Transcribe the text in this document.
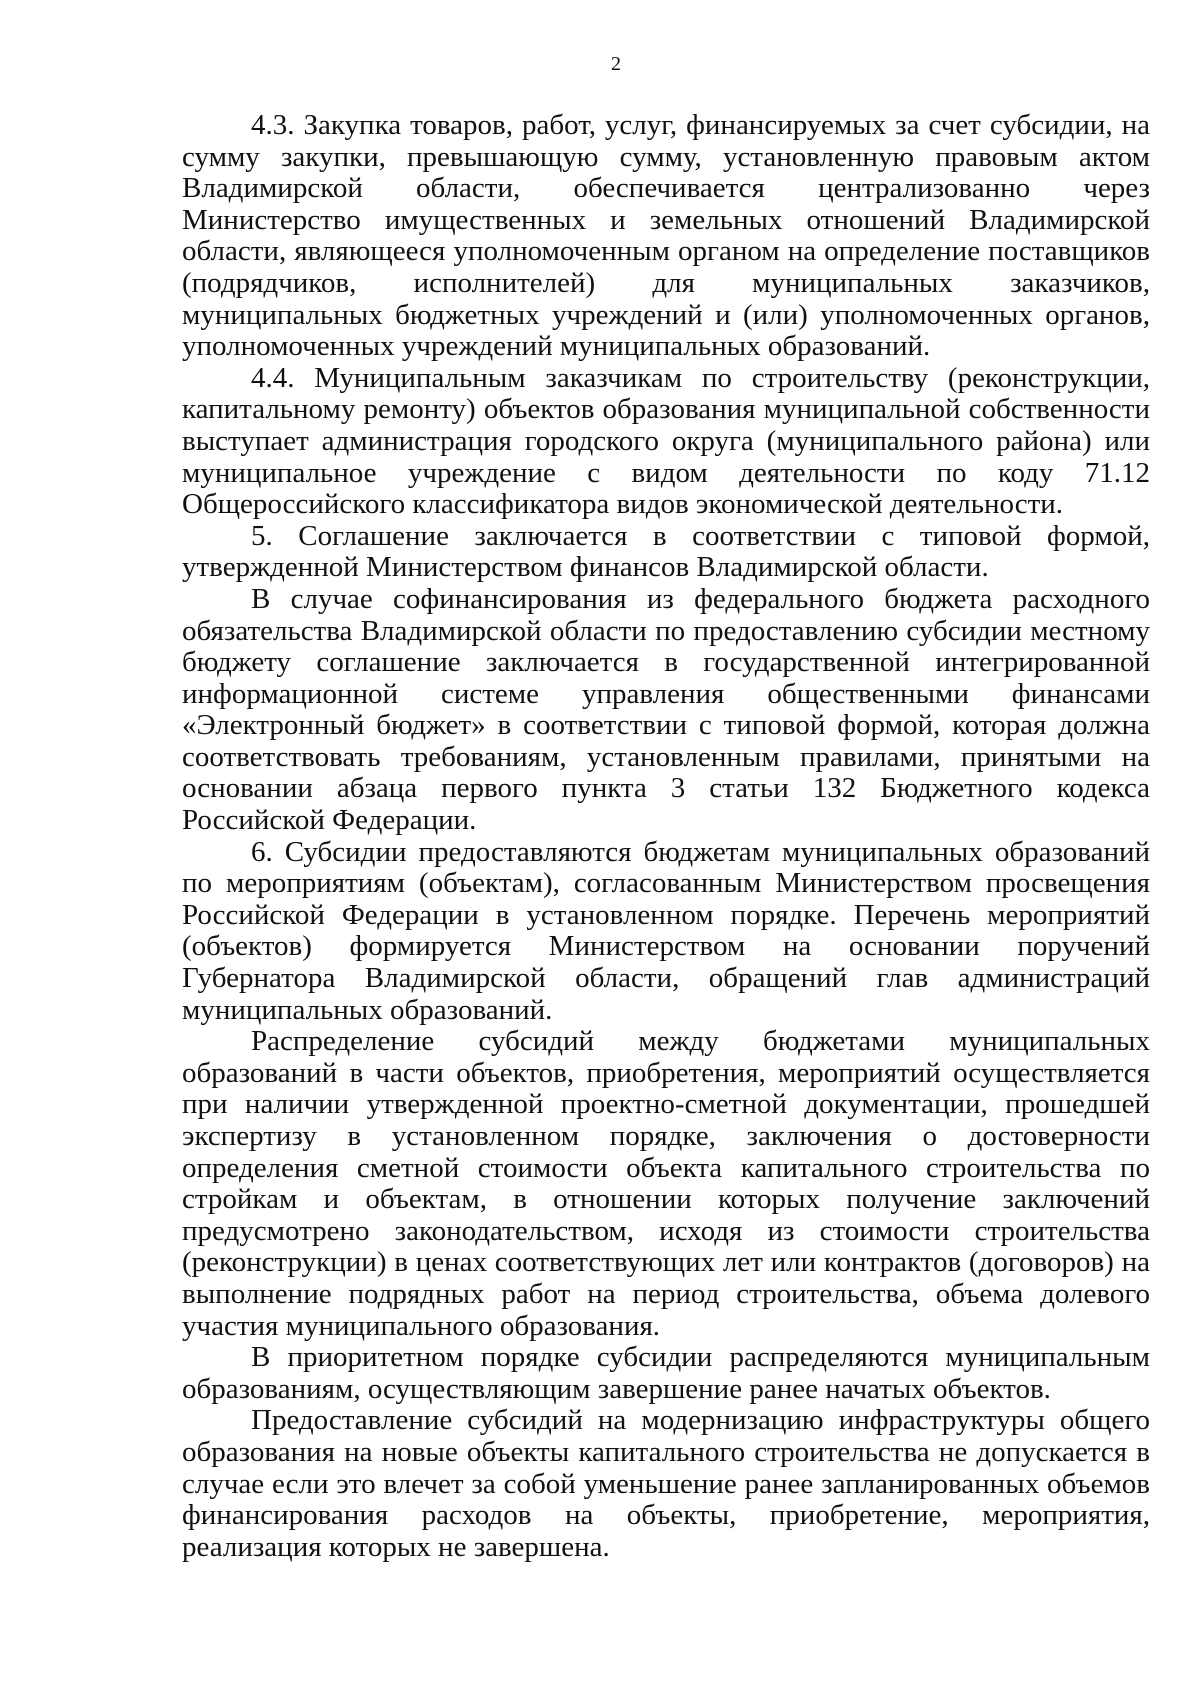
2

4.3. Закупка товаров, работ, услуг, финансируемых за счет субсидии, на сумму закупки, превышающую сумму, установленную правовым актом Владимирской области, обеспечивается централизованно через Министерство имущественных и земельных отношений Владимирской области, являющееся уполномоченным органом на определение поставщиков (подрядчиков, исполнителей) для муниципальных заказчиков, муниципальных бюджетных учреждений и (или) уполномоченных органов, уполномоченных учреждений муниципальных образований.

4.4. Муниципальным заказчикам по строительству (реконструкции, капитальному ремонту) объектов образования муниципальной собственности выступает администрация городского округа (муниципального района) или муниципальное учреждение с видом деятельности по коду 71.12 Общероссийского классификатора видов экономической деятельности.

5. Соглашение заключается в соответствии с типовой формой, утвержденной Министерством финансов Владимирской области.

В случае софинансирования из федерального бюджета расходного обязательства Владимирской области по предоставлению субсидии местному бюджету соглашение заключается в государственной интегрированной информационной системе управления общественными финансами «Электронный бюджет» в соответствии с типовой формой, которая должна соответствовать требованиям, установленным правилами, принятыми на основании абзаца первого пункта 3 статьи 132 Бюджетного кодекса Российской Федерации.

6. Субсидии предоставляются бюджетам муниципальных образований по мероприятиям (объектам), согласованным Министерством просвещения Российской Федерации в установленном порядке. Перечень мероприятий (объектов) формируется Министерством на основании поручений Губернатора Владимирской области, обращений глав администраций муниципальных образований.

Распределение субсидий между бюджетами муниципальных образований в части объектов, приобретения, мероприятий осуществляется при наличии утвержденной проектно-сметной документации, прошедшей экспертизу в установленном порядке, заключения о достоверности определения сметной стоимости объекта капитального строительства по стройкам и объектам, в отношении которых получение заключений предусмотрено законодательством, исходя из стоимости строительства (реконструкции) в ценах соответствующих лет или контрактов (договоров) на выполнение подрядных работ на период строительства, объема долевого участия муниципального образования.

В приоритетном порядке субсидии распределяются муниципальным образованиям, осуществляющим завершение ранее начатых объектов.

Предоставление субсидий на модернизацию инфраструктуры общего образования на новые объекты капитального строительства не допускается в случае если это влечет за собой уменьшение ранее запланированных объемов финансирования расходов на объекты, приобретение, мероприятия, реализация которых не завершена.
